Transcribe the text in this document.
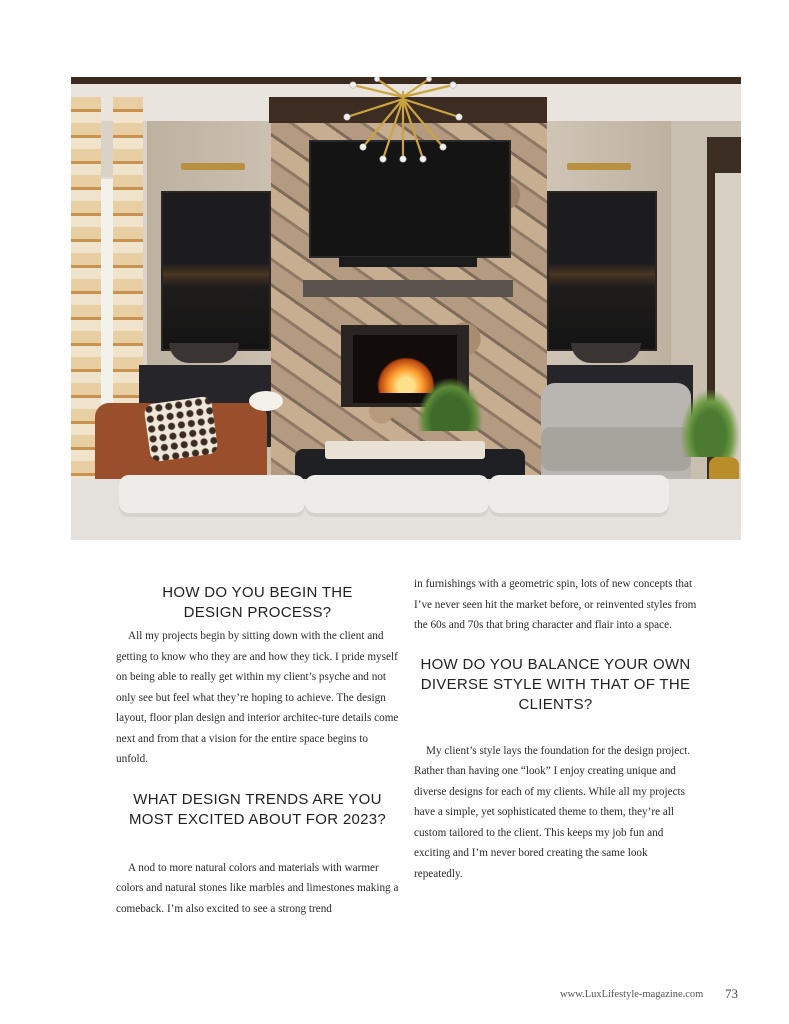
HOW DO YOU BEGIN THE DESIGN PROCESS?

All my projects begin by sitting down with the client and getting to know who they are and how they tick. I pride myself on being able to really get within my client’s psyche and not only see but feel what they’re hoping to achieve. The design layout, floor plan design and interior architec-ture details come next and from that a vision for the entire space begins to unfold.

WHAT DESIGN TRENDS ARE YOU MOST EXCITED ABOUT FOR 2023?

A nod to more natural colors and materials with warmer colors and natural stones like marbles and limestones making a comeback. I’m also excited to see a strong trend

in furnishings with a geometric spin, lots of new concepts that I’ve never seen hit the market before, or reinvented styles from the 60s and 70s that bring character and flair into a space.

HOW DO YOU BALANCE YOUR OWN DIVERSE STYLE WITH THAT OF THE CLIENTS?

My client’s style lays the foundation for the design project. Rather than having one “look” I enjoy creating unique and diverse designs for each of my clients. While all my projects have a simple, yet sophisticated theme to them, they’re all custom tailored to the client. This keeps my job fun and exciting and I’m never bored creating the same look repeatedly.

www.LuxLifestyle-magazine.com 73
